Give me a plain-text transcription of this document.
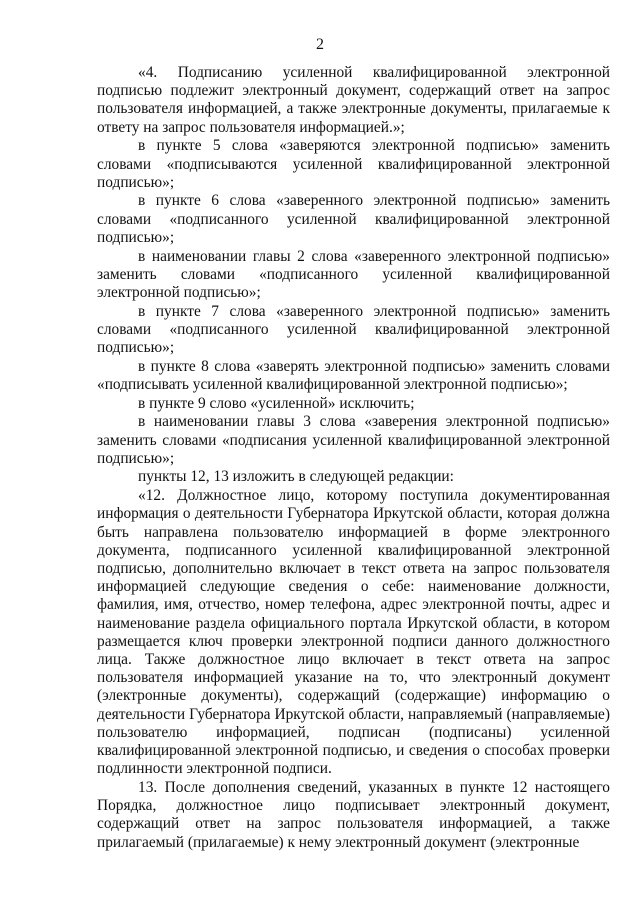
2

«4. Подписанию усиленной квалифицированной электронной подписью подлежит электронный документ, содержащий ответ на запрос пользователя информацией, а также электронные документы, прилагаемые к ответу на запрос пользователя информацией.»;

в пункте 5 слова «заверяются электронной подписью» заменить словами «подписываются усиленной квалифицированной электронной подписью»;

в пункте 6 слова «заверенного электронной подписью» заменить словами «подписанного усиленной квалифицированной электронной подписью»;

в наименовании главы 2 слова «заверенного электронной подписью» заменить словами «подписанного усиленной квалифицированной электронной подписью»;

в пункте 7 слова «заверенного электронной подписью» заменить словами «подписанного усиленной квалифицированной электронной подписью»;

в пункте 8 слова «заверять электронной подписью» заменить словами «подписывать усиленной квалифицированной электронной подписью»;

в пункте 9 слово «усиленной» исключить;

в наименовании главы 3 слова «заверения электронной подписью» заменить словами «подписания усиленной квалифицированной электронной подписью»;

пункты 12, 13 изложить в следующей редакции:

«12. Должностное лицо, которому поступила документированная информация о деятельности Губернатора Иркутской области, которая должна быть направлена пользователю информацией в форме электронного документа, подписанного усиленной квалифицированной электронной подписью, дополнительно включает в текст ответа на запрос пользователя информацией следующие сведения о себе: наименование должности, фамилия, имя, отчество, номер телефона, адрес электронной почты, адрес и наименование раздела официального портала Иркутской области, в котором размещается ключ проверки электронной подписи данного должностного лица. Также должностное лицо включает в текст ответа на запрос пользователя информацией указание на то, что электронный документ (электронные документы), содержащий (содержащие) информацию о деятельности Губернатора Иркутской области, направляемый (направляемые) пользователю информацией, подписан (подписаны) усиленной квалифицированной электронной подписью, и сведения о способах проверки подлинности электронной подписи.

13. После дополнения сведений, указанных в пункте 12 настоящего Порядка, должностное лицо подписывает электронный документ, содержащий ответ на запрос пользователя информацией, а также прилагаемый (прилагаемые) к нему электронный документ (электронные
